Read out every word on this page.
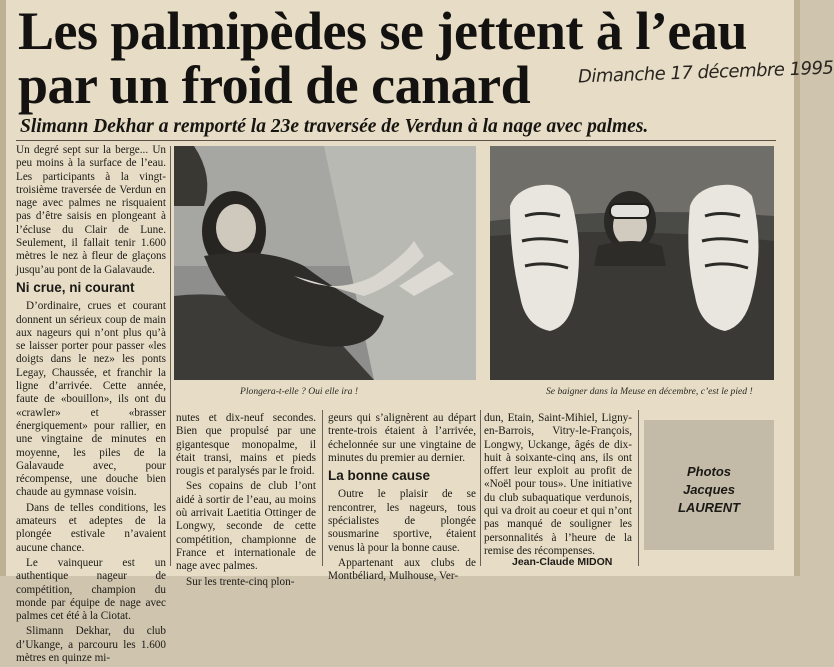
Les palmipèdes se jettent à l’eau
par un froid de canard	Dimanche 17 décembre 1995
Slimann Dekhar a remporté la 23e traversée de Verdun à la nage avec palmes.

Un degré sept sur la berge... Un peu moins à la surface de l’eau. Les participants à la vingt-troisième traversée de Verdun en nage avec palmes ne risquaient pas d’être saisis en plongeant à l’écluse du Clair de Lune. Seulement, il fallait tenir 1.600 mètres le nez à fleur de glaçons jusqu’au pont de la Galavaude.

Ni crue, ni courant

D’ordinaire, crues et courant donnent un sérieux coup de main aux nageurs qui n’ont plus qu’à se laisser porter pour passer «les doigts dans le nez» les ponts Legay, Chaussée, et franchir la ligne d’arrivée. Cette année, faute de «bouillon», ils ont du «crawler» et «brasser énergiquement» pour rallier, en une vingtaine de minutes en moyenne, les piles de la Galavaude avec, pour récompense, une douche bien chaude au gymnase voisin.

Dans de telles conditions, les amateurs et adeptes de la plongée estivale n’avaient aucune chance.

Le vainqueur est un authentique nageur de compétition, champion du monde par équipe de nage avec palmes cet été à la Ciotat.

Slimann Dekhar, du club d’Ukange, a parcouru les 1.600 mètres en quinze mi-

Plongera-t-elle ? Oui elle ira !	Se baigner dans la Meuse en décembre, c’est le pied !

nutes et dix-neuf secondes. Bien que propulsé par une gigantesque monopalme, il était transi, mains et pieds rougis et paralysés par le froid.

Ses copains de club l’ont aidé à sortir de l’eau, au moins où arrivait Laetitia Ottinger de Longwy, seconde de cette compétition, championne de France et internationale de nage avec palmes.

Sur les trente-cinq plon-

geurs qui s’alignèrent au départ trente-trois étaient à l’arrivée, échelonnée sur une vingtaine de minutes du premier au dernier.

La bonne cause

Outre le plaisir de se rencontrer, les nageurs, tous spécialistes de plongée sousmarine sportive, étaient venus là pour la bonne cause.

Appartenant aux clubs de Montbéliard, Mulhouse, Ver-

dun, Etain, Saint-Mihiel, Ligny-en-Barrois, Vitry-le-François, Longwy, Uckange, âgés de dix-huit à soixante-cinq ans, ils ont offert leur exploit au profit de «Noël pour tous». Une initiative du club subaquatique verdunois, qui va droit au coeur et qui n’ont pas manqué de souligner les personnalités à l’heure de la remise des récompenses.

Photos
Jacques
LAURENT
Jean-Claude MIDON
